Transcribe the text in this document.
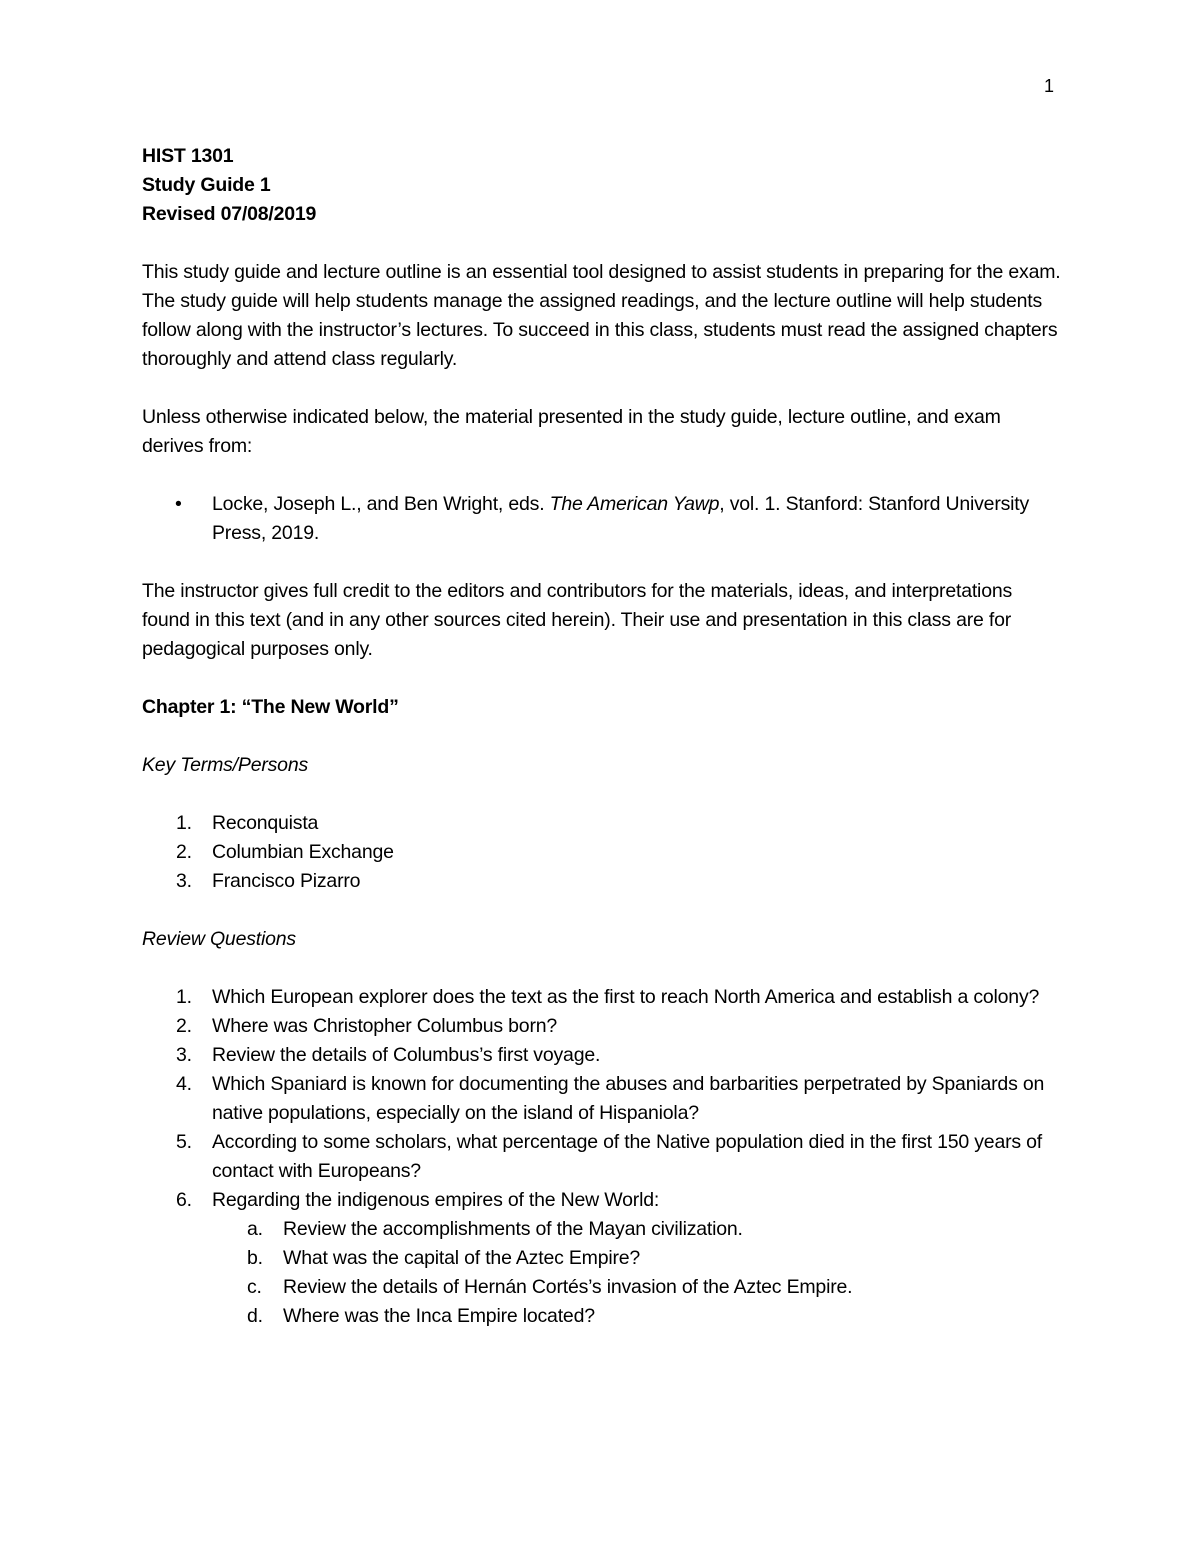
1

HIST 1301

Study Guide 1

Revised 07/08/2019

This study guide and lecture outline is an essential tool designed to assist students in preparing for the exam. The study guide will help students manage the assigned readings, and the lecture outline will help students follow along with the instructor’s lectures. To succeed in this class, students must read the assigned chapters thoroughly and attend class regularly.

Unless otherwise indicated below, the material presented in the study guide, lecture outline, and exam derives from:

• Locke, Joseph L., and Ben Wright, eds. The American Yawp, vol. 1. Stanford: Stanford University Press, 2019.

The instructor gives full credit to the editors and contributors for the materials, ideas, and interpretations found in this text (and in any other sources cited herein). Their use and presentation in this class are for pedagogical purposes only.

Chapter 1: “The New World”

Key Terms/Persons

1.	Reconquista
2.	Columbian Exchange
3.	Francisco Pizarro

Review Questions

1.	Which European explorer does the text as the first to reach North America and establish a colony?
2.	Where was Christopher Columbus born?
3.	Review the details of Columbus’s first voyage.
4.	Which Spaniard is known for documenting the abuses and barbarities perpetrated by Spaniards on native populations, especially on the island of Hispaniola?
5.	According to some scholars, what percentage of the Native population died in the first 150 years of contact with Europeans?
6.	Regarding the indigenous empires of the New World:
a.	Review the accomplishments of the Mayan civilization.
b.	What was the capital of the Aztec Empire?
c.	Review the details of Hernán Cortés’s invasion of the Aztec Empire.
d.	Where was the Inca Empire located?
